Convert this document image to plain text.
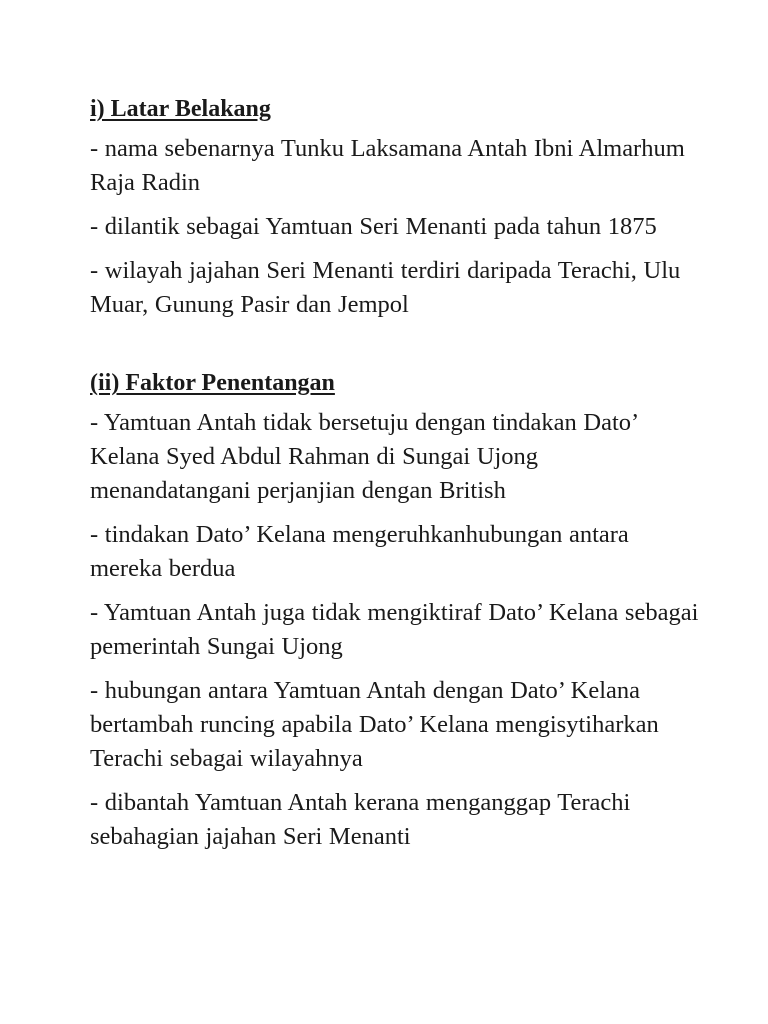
i) Latar Belakang
- nama sebenarnya Tunku Laksamana Antah Ibni Almarhum Raja Radin
- dilantik sebagai Yamtuan Seri Menanti pada tahun 1875
- wilayah jajahan Seri Menanti terdiri daripada Terachi, Ulu Muar, Gunung Pasir dan Jempol
(ii) Faktor Penentangan
- Yamtuan Antah tidak bersetuju dengan tindakan Dato’ Kelana Syed Abdul Rahman di Sungai Ujong menandatangani perjanjian dengan British
- tindakan Dato’ Kelana mengeruhkanhubungan antara mereka berdua
- Yamtuan Antah juga tidak mengiktiraf Dato’ Kelana sebagai pemerintah Sungai Ujong
- hubungan antara Yamtuan Antah dengan Dato’ Kelana bertambah runcing apabila Dato’ Kelana mengisytiharkan Terachi sebagai wilayahnya
- dibantah Yamtuan Antah kerana menganggap Terachi sebahagian jajahan Seri Menanti
